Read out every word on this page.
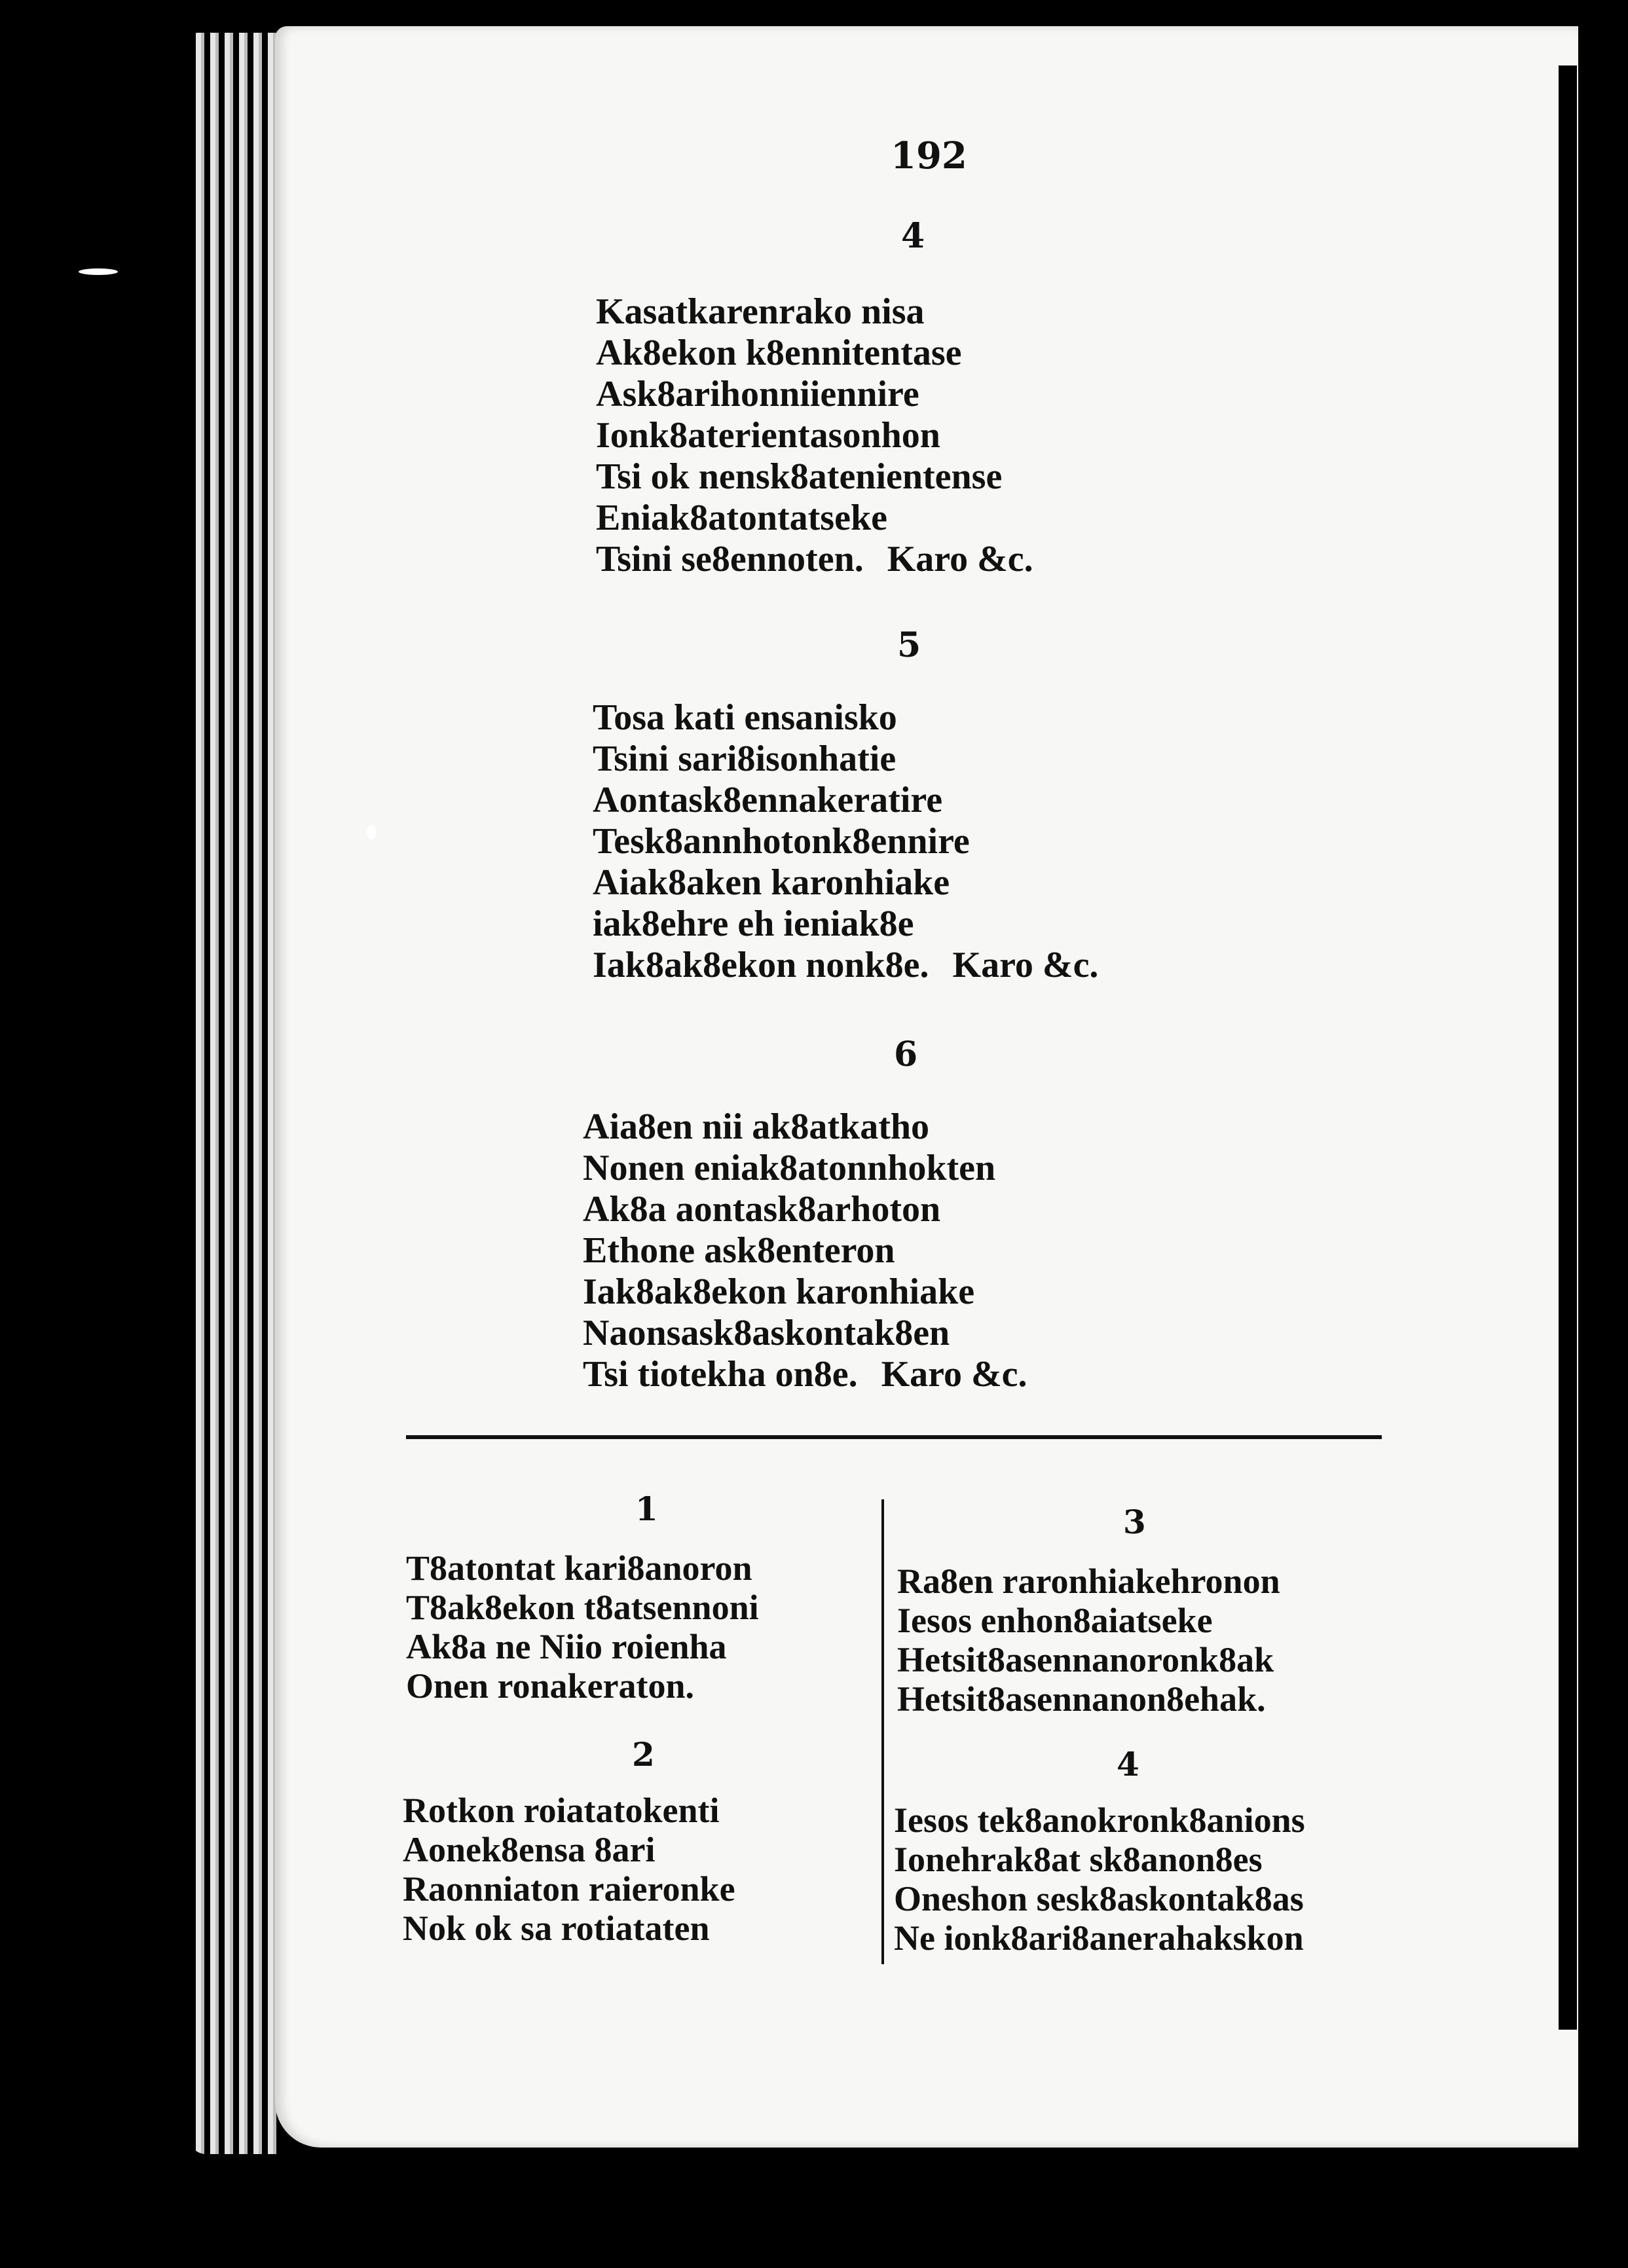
192
4
Kasatkarenrako nisa
Ak8ekon k8ennitentase
Ask8arihonniiennire
Ionk8aterientasonhon
Tsi ok nensk8atenientense
Eniak8atontatseke
Tsini se8ennoten. Karo &c.
5
Tosa kati ensanisko
Tsini sari8isonhatie
Aontask8ennakeratire
Tesk8annhotonk8ennire
Aiak8aken karonhiake
iak8ehre eh ieniak8e
Iak8ak8ekon nonk8e. Karo &c.
6
Aia8en nii ak8atkatho
Nonen eniak8atonnhokten
Ak8a aontask8arhoton
Ethone ask8enteron
Iak8ak8ekon karonhiake
Naonsask8askontak8en
Tsi tiotekha on8e. Karo &c.
1
T8atontat kari8anoron
T8ak8ekon t8atsennoni
Ak8a ne Niio roienha
Onen ronakeraton.
2
Rotkon roiatatokenti
Aonek8ensa 8ari
Raonniaton raieronke
Nok ok sa rotiataten
3
Ra8en raronhiakehronon
Iesos enhon8aiatseke
Hetsit8asennanoronk8ak
Hetsit8asennanon8ehak.
4
Iesos tek8anokronk8anions
Ionehrak8at sk8anon8es
Oneshon sesk8askontak8as
Ne ionk8ari8anerahakskon
